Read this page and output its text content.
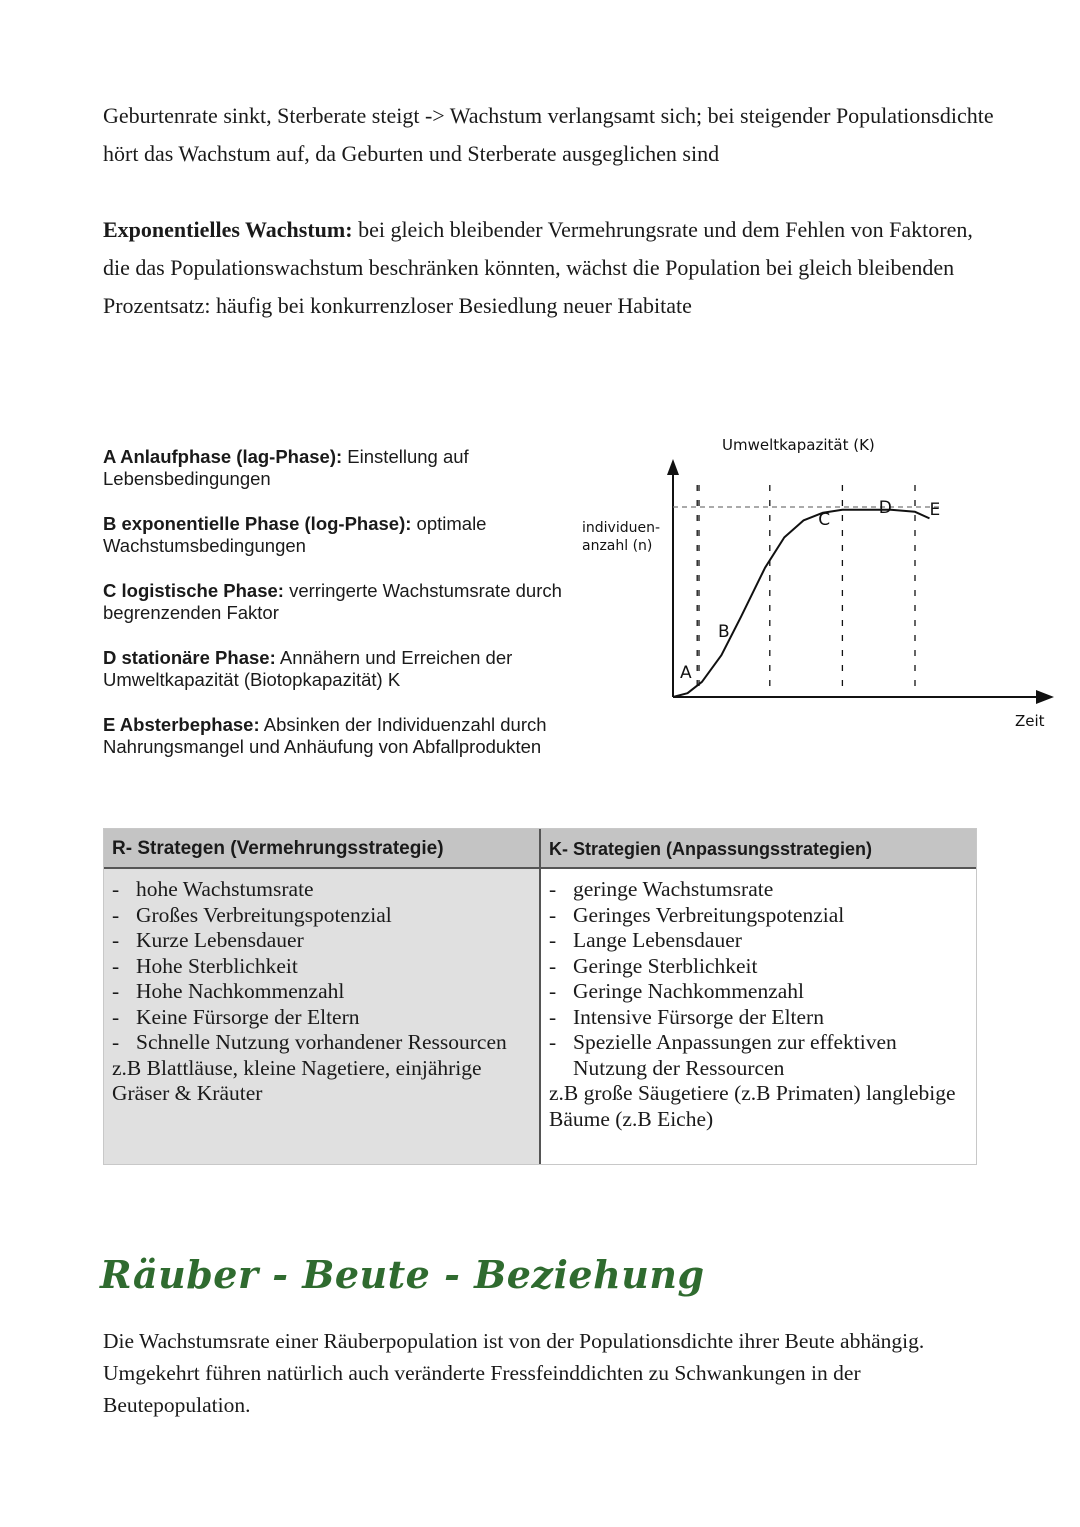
Geburtenrate sinkt, Sterberate steigt -> Wachstum verlangsamt sich; bei steigender Populationsdichte hört das Wachstum auf, da Geburten und Sterberate ausgeglichen sind

Exponentielles Wachstum: bei gleich bleibender Vermehrungsrate und dem Fehlen von Faktoren, die das Populationswachstum beschränken könnten, wächst die Population bei gleich bleibenden Prozentsatz: häufig bei konkurrenzloser Besiedlung neuer Habitate

A Anlaufphase (lag-Phase): Einstellung auf Lebensbedingungen

B exponentielle Phase (log-Phase): optimale Wachstumsbedingungen

C logistische Phase: verringerte Wachstumsrate durch begrenzenden Faktor

D stationäre Phase: Annähern und Erreichen der Umweltkapazität (Biotopkapazität) K

E Absterbephase: Absinken der Individuenzahl durch Nahrungsmangel und Anhäufung von Abfallprodukten

A
B
C
D E
Umweltkapazität (K)
individuen-anzahl (n)
Zeit
R- Strategen (Vermehrungsstrategie)
- hohe Wachstumsrate
- Großes Verbreitungspotenzial
- Kurze Lebensdauer
- Hohe Sterblichkeit
- Hohe Nachkommenzahl
- Keine Fürsorge der Eltern
- Schnelle Nutzung vorhandener Ressourcen
z.B Blattläuse, kleine Nagetiere, einjährige Gräser & Kräuter
K- Strategien (Anpassungsstrategien)
- geringe Wachstumsrate
- Geringes Verbreitungspotenzial
- Lange Lebensdauer
- Geringe Sterblichkeit
- Geringe Nachkommenzahl
- Intensive Fürsorge der Eltern
- Spezielle Anpassungen zur effektiven Nutzung der Ressourcen
z.B große Säugetiere (z.B Primaten) langlebige Bäume (z.B Eiche)
Räuber - Beute - Beziehung

Die Wachstumsrate einer Räuberpopulation ist von der Populationsdichte ihrer Beute abhängig. Umgekehrt führen natürlich auch veränderte Fressfeinddichten zu Schwankungen in der Beutepopulation.
